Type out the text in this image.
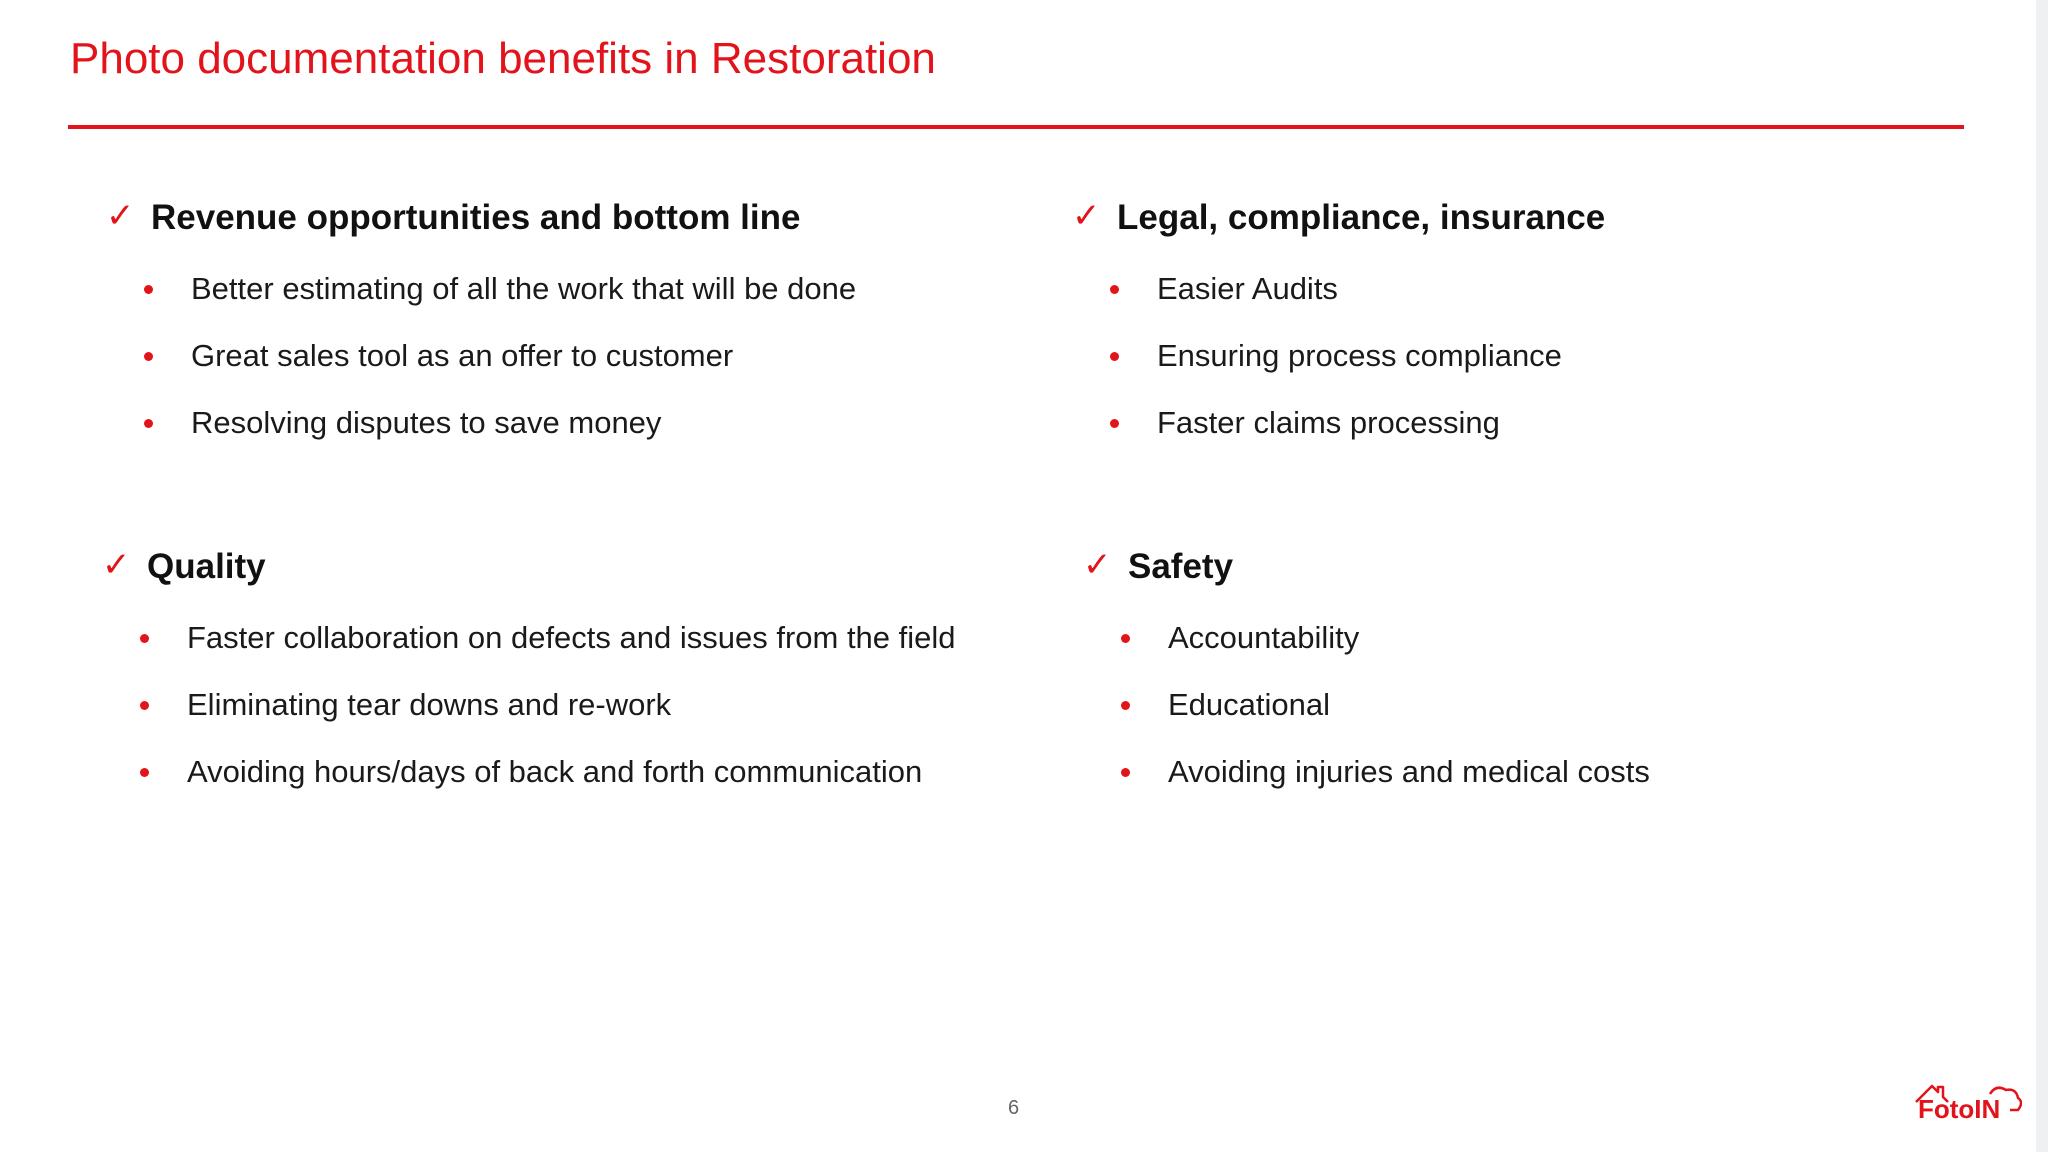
Photo documentation benefits in Restoration
✓ Revenue opportunities and bottom line
Better estimating of all the work that will be done
Great sales tool as an offer to customer
Resolving disputes to save money
✓ Legal, compliance, insurance
Easier Audits
Ensuring process compliance
Faster claims processing
✓ Quality
Faster collaboration on defects and issues from the field
Eliminating tear downs and re-work
Avoiding hours/days of back and forth communication
✓ Safety
Accountability
Educational
Avoiding injuries and medical costs
6	FotoIN
